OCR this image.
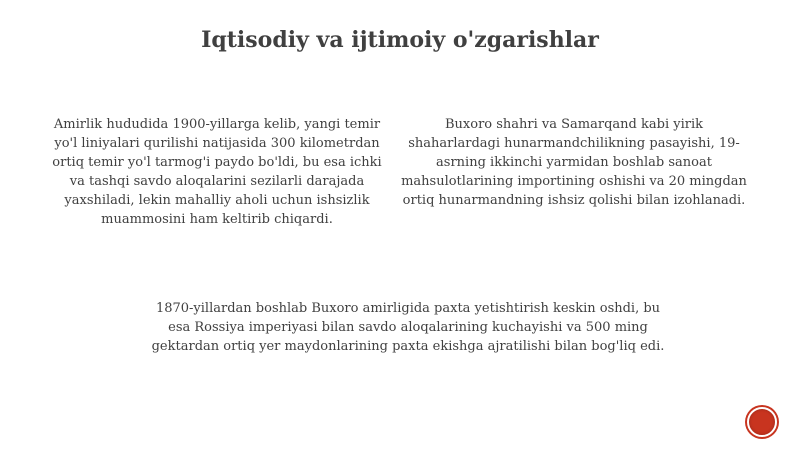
Iqtisodiy va ijtimoiy o'zgarishlar

Amirlik hududida 1900-yillarga kelib, yangi temir yo'l liniyalari qurilishi natijasida 300 kilometrdan ortiq temir yo'l tarmog'i paydo bo'ldi, bu esa ichki va tashqi savdo aloqalarini sezilarli darajada yaxshiladi, lekin mahalliy aholi uchun ishsizlik muammosini ham keltirib chiqardi.

Buxoro shahri va Samarqand kabi yirik shaharlardagi hunarmandchilikning pasayishi, 19-asrning ikkinchi yarmidan boshlab sanoat mahsulotlarining importining oshishi va 20 mingdan ortiq hunarmandning ishsiz qolishi bilan izohlanadi.

1870-yillardan boshlab Buxoro amirligida paxta yetishtirish keskin oshdi, bu esa Rossiya imperiyasi bilan savdo aloqalarining kuchayishi va 500 ming gektardan ortiq yer maydonlarining paxta ekishga ajratilishi bilan bog'liq edi.
